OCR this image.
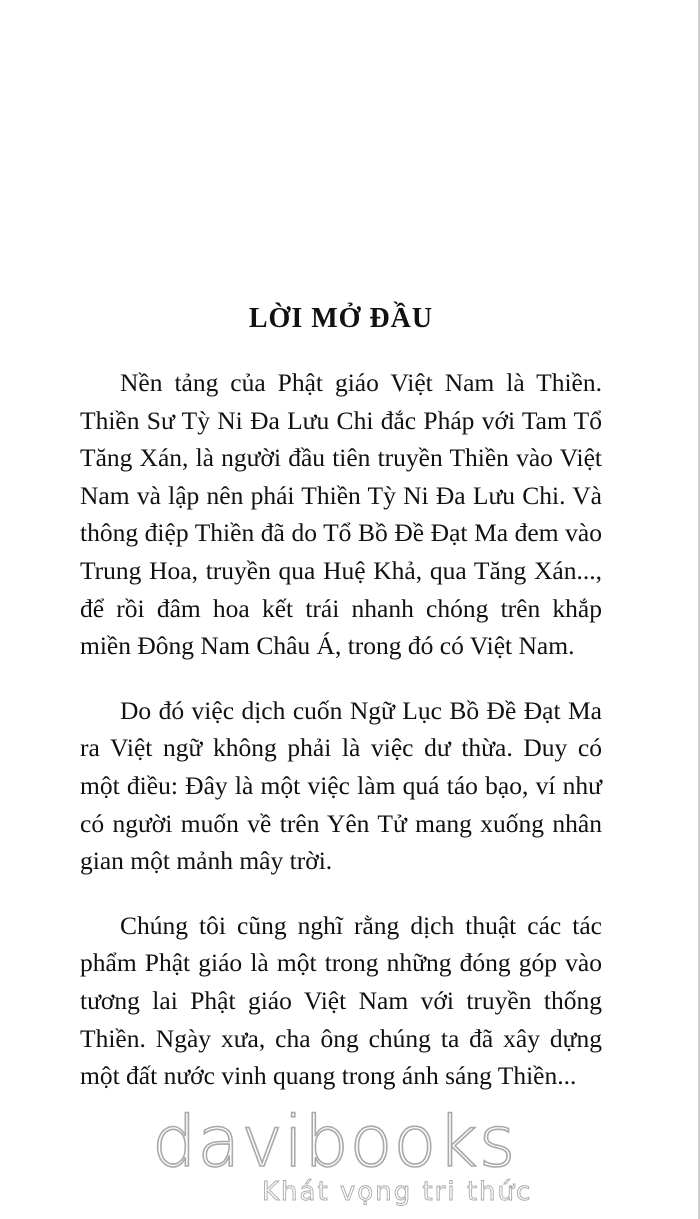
LỜI MỞ ĐẦU

Nền tảng của Phật giáo Việt Nam là Thiền. Thiền Sư Tỳ Ni Đa Lưu Chi đắc Pháp với Tam Tổ Tăng Xán, là người đầu tiên truyền Thiền vào Việt Nam và lập nên phái Thiền Tỳ Ni Đa Lưu Chi. Và thông điệp Thiền đã do Tổ Bồ Đề Đạt Ma đem vào Trung Hoa, truyền qua Huệ Khả, qua Tăng Xán..., để rồi đâm hoa kết trái nhanh chóng trên khắp miền Đông Nam Châu Á, trong đó có Việt Nam.

Do đó việc dịch cuốn Ngữ Lục Bồ Đề Đạt Ma ra Việt ngữ không phải là việc dư thừa. Duy có một điều: Đây là một việc làm quá táo bạo, ví như có người muốn về trên Yên Tử mang xuống nhân gian một mảnh mây trời.

Chúng tôi cũng nghĩ rằng dịch thuật các tác phẩm Phật giáo là một trong những đóng góp vào tương lai Phật giáo Việt Nam với truyền thống Thiền. Ngày xưa, cha ông chúng ta đã xây dựng một đất nước vinh quang trong ánh sáng Thiền...

davibooks
Khát vọng tri thức
